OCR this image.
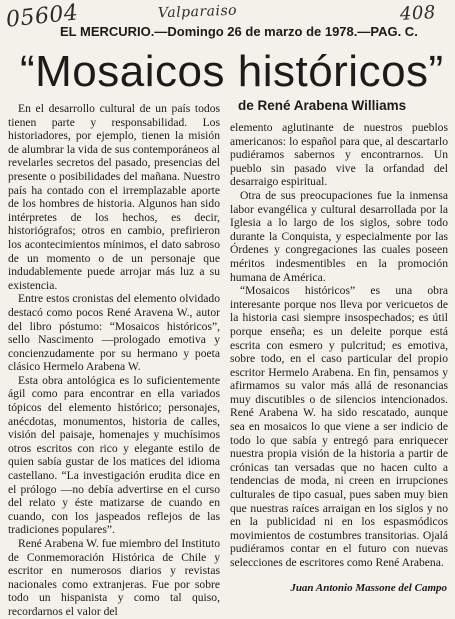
05604	Valparaiso	408
EL MERCURIO.—Domingo 26 de marzo de 1978.—PAG. C.
“Mosaicos históricos”
de René Arabena Williams

En el desarrollo cultural de un país todos tienen parte y responsabilidad. Los historiadores, por ejemplo, tienen la misión de alumbrar la vida de sus contemporáneos al revelarles secretos del pasado, presencias del presente o posibilidades del mañana. Nuestro país ha contado con el irremplazable aporte de los hombres de historia. Algunos han sido intérpretes de los hechos, es decir, historiógrafos; otros en cambio, prefirieron los acontecimientos mínimos, el dato sabroso de un momento o de un personaje que indudablemente puede arrojar más luz a su existencia.

Entre estos cronistas del elemento olvidado destacó como pocos René Aravena W., autor del libro póstumo: “Mosaicos históricos”, sello Nascimento —prologado emotiva y concienzudamente por su hermano y poeta clásico Hermelo Arabena W.

Esta obra antológica es lo suficientemente ágil como para encontrar en ella variados tópicos del elemento histórico; personajes, anécdotas, monumentos, historia de calles, visión del paisaje, homenajes y muchísimos otros escritos con rico y elegante estilo de quien sabía gustar de los matices del idioma castellano. “La investigación erudita dice en el prólogo —no debía advertirse en el curso del relato y éste matizarse de cuando en cuando, con los jaspeados reflejos de las tradiciones populares”.

René Arabena W. fue miembro del Instituto de Conmemoración Histórica de Chile y escritor en numerosos diarios y revistas nacionales como extranjeras. Fue por sobre todo un hispanista y como tal quiso, recordarnos el valor del

elemento aglutinante de nuestros pueblos americanos: lo español para que, al descartarlo pudiéramos sabernos y encontrarnos. Un pueblo sin pasado vive la orfandad del desarraigo espiritual.

Otra de sus preocupaciones fue la inmensa labor evangélica y cultural desarrollada por la Iglesia a lo largo de los siglos, sobre todo durante la Conquista, y especialmente por las Órdenes y congregaciones las cuales poseen méritos indesmentibles en la promoción humana de América.

“Mosaicos históricos” es una obra interesante porque nos lleva por vericuetos de la historia casi siempre insospechados; es útil porque enseña; es un deleite porque está escrita con esmero y pulcritud; es emotiva, sobre todo, en el caso particular del propio escritor Hermelo Arabena. En fin, pensamos y afirmamos su valor más allá de resonancias muy discutibles o de silencios intencionados. René Arabena W. ha sido rescatado, aunque sea en mosaicos lo que viene a ser indicio de todo lo que sabía y entregó para enriquecer nuestra propia visión de la historia a partir de crónicas tan versadas que no hacen culto a tendencias de moda, ni creen en irrupciones culturales de tipo casual, pues saben muy bien que nuestras raíces arraigan en los siglos y no en la publicidad ni en los espasmódicos movimientos de costumbres transitorias. Ojalá pudiéramos contar en el futuro con nuevas selecciones de escritores como René Arabena.

Juan Antonio Massone del Campo
